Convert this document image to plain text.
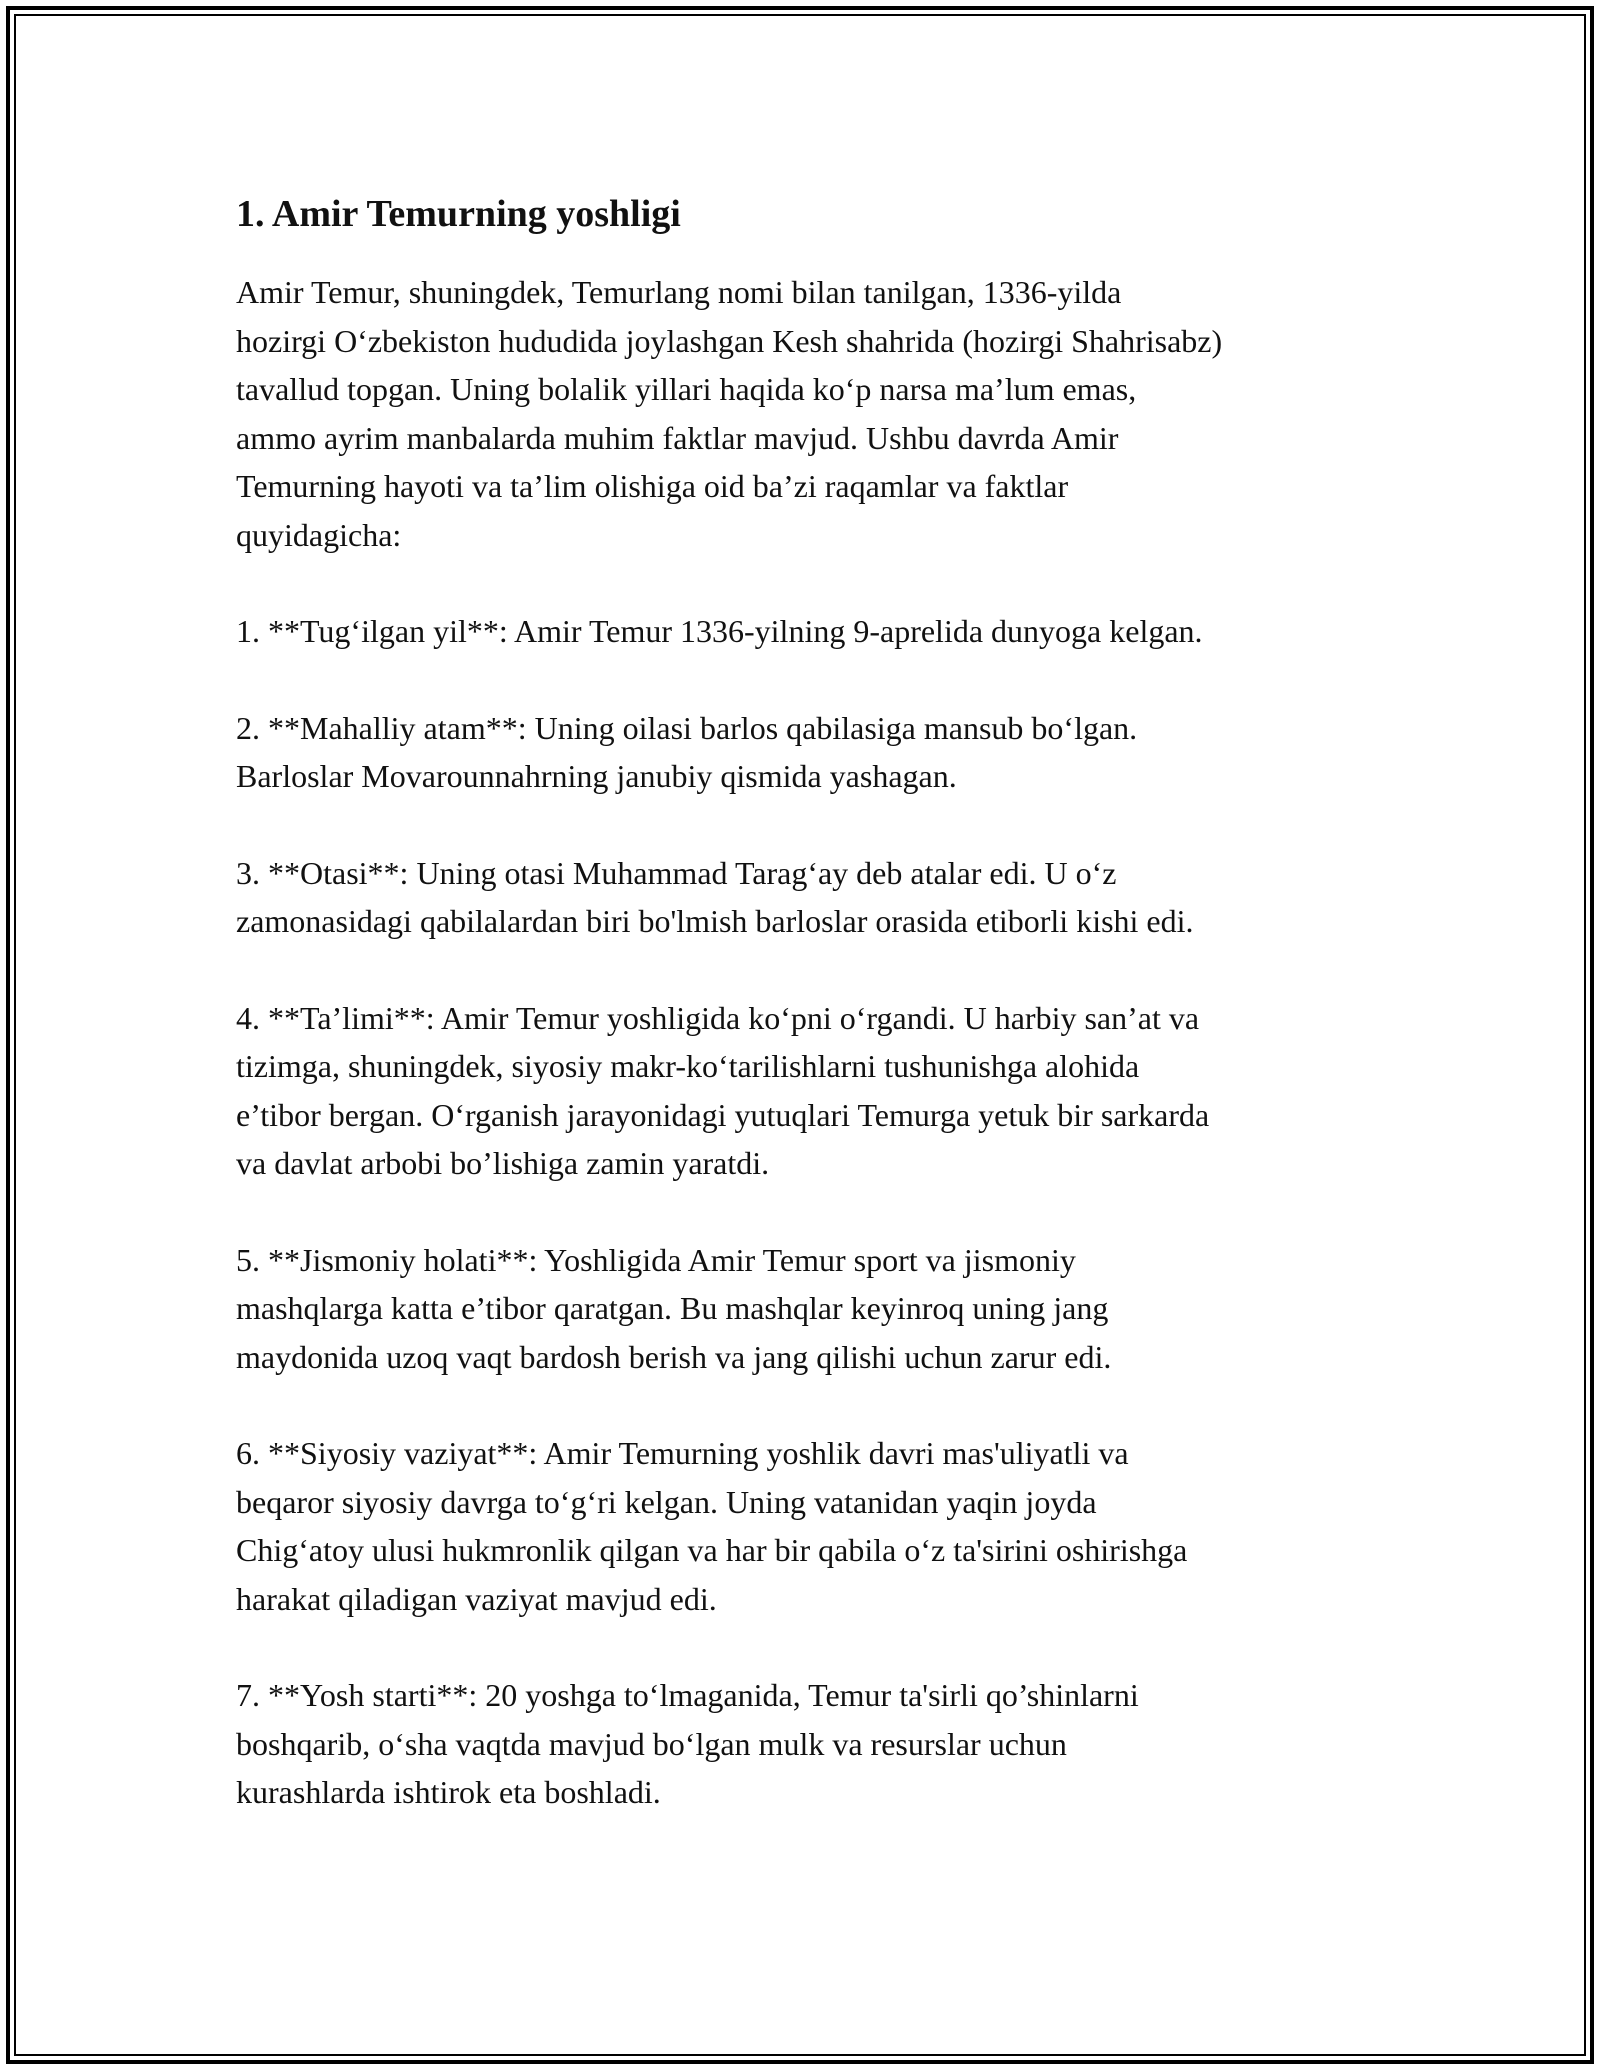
1. Amir Temurning yoshligi

Amir Temur, shuningdek, Temurlang nomi bilan tanilgan, 1336-yilda
hozirgi O‘zbekiston hududida joylashgan Kesh shahrida (hozirgi Shahrisabz)
tavallud topgan. Uning bolalik yillari haqida ko‘p narsa ma’lum emas,
ammo ayrim manbalarda muhim faktlar mavjud. Ushbu davrda Amir
Temurning hayoti va ta’lim olishiga oid ba’zi raqamlar va faktlar
quyidagicha:

1. **Tug‘ilgan yil**: Amir Temur 1336-yilning 9-aprelida dunyoga kelgan.

2. **Mahalliy atam**: Uning oilasi barlos qabilasiga mansub bo‘lgan.
Barloslar Movarounnahrning janubiy qismida yashagan.

3. **Otasi**: Uning otasi Muhammad Tarag‘ay deb atalar edi. U o‘z
zamonasidagi qabilalardan biri bo'lmish barloslar orasida etiborli kishi edi.

4. **Ta’limi**: Amir Temur yoshligida ko‘pni o‘rgandi. U harbiy san’at va
tizimga, shuningdek, siyosiy makr-ko‘tarilishlarni tushunishga alohida
e’tibor bergan. O‘rganish jarayonidagi yutuqlari Temurga yetuk bir sarkarda
va davlat arbobi bo’lishiga zamin yaratdi.

5. **Jismoniy holati**: Yoshligida Amir Temur sport va jismoniy
mashqlarga katta e’tibor qaratgan. Bu mashqlar keyinroq uning jang
maydonida uzoq vaqt bardosh berish va jang qilishi uchun zarur edi.

6. **Siyosiy vaziyat**: Amir Temurning yoshlik davri mas'uliyatli va
beqaror siyosiy davrga to‘g‘ri kelgan. Uning vatanidan yaqin joyda
Chig‘atoy ulusi hukmronlik qilgan va har bir qabila o‘z ta'sirini oshirishga
harakat qiladigan vaziyat mavjud edi.

7. **Yosh starti**: 20 yoshga to‘lmaganida, Temur ta'sirli qo’shinlarni
boshqarib, o‘sha vaqtda mavjud bo‘lgan mulk va resurslar uchun
kurashlarda ishtirok eta boshladi.
